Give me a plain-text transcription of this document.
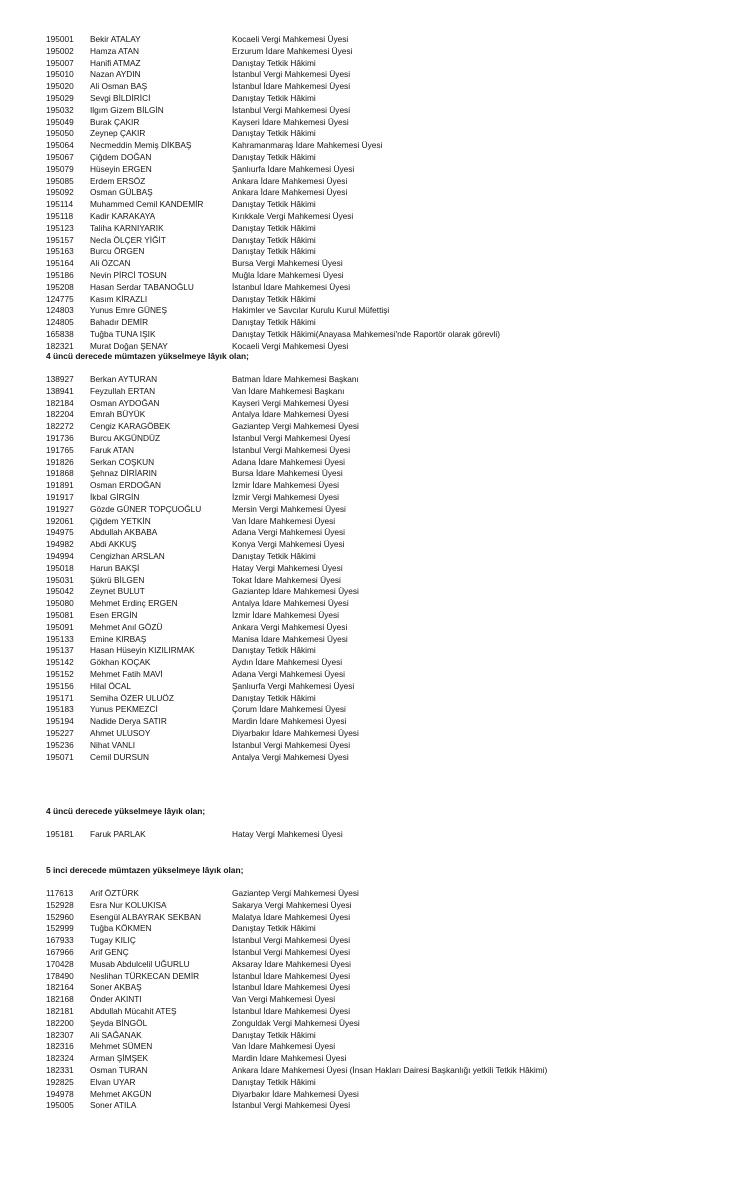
195001 Bekir ATALAY	Kocaeli Vergi Mahkemesi Üyesi
195002 Hamza ATAN	Erzurum İdare Mahkemesi Üyesi
195007 Hanifi ATMAZ	Danıştay Tetkik Hâkimi
195010 Nazan AYDIN	İstanbul Vergi Mahkemesi Üyesi
195020 Ali Osman BAŞ	İstanbul İdare Mahkemesi Üyesi
195029 Sevgi BİLDİRİCİ	Danıştay Tetkik Hâkimi
195032 Ilgım Gizem BİLGİN	İstanbul Vergi Mahkemesi Üyesi
195049 Burak ÇAKIR	Kayseri İdare Mahkemesi Üyesi
195050 Zeynep ÇAKIR	Danıştay Tetkik Hâkimi
195064 Necmeddin Memiş DİKBAŞ	Kahramanmaraş İdare Mahkemesi Üyesi
195067 Çiğdem DOĞAN	Danıştay Tetkik Hâkimi
195079 Hüseyin ERGEN	Şanlıurfa İdare Mahkemesi Üyesi
195085 Erdem ERSÖZ	Ankara İdare Mahkemesi Üyesi
195092 Osman GÜLBAŞ	Ankara İdare Mahkemesi Üyesi
195114 Muhammed Cemil KANDEMİR	Danıştay Tetkik Hâkimi
195118 Kadir KARAKAYA	Kırıkkale Vergi Mahkemesi Üyesi
195123 Taliha KARNIYARIK	Danıştay Tetkik Hâkimi
195157 Necla ÖLÇER YİĞİT	Danıştay Tetkik Hâkimi
195163 Burcu ÖRGEN	Danıştay Tetkik Hâkimi
195164 Ali ÖZCAN	Bursa Vergi Mahkemesi Üyesi
195186 Nevin PİRCİ TOSUN	Muğla İdare Mahkemesi Üyesi
195208 Hasan Serdar TABANOĞLU	İstanbul İdare Mahkemesi Üyesi
124775 Kasım KİRAZLI	Danıştay Tetkik Hâkimi
124803 Yunus Emre GÜNEŞ	Hakimler ve Savcılar Kurulu Kurul Müfettişi
124805 Bahadır DEMİR	Danıştay Tetkik Hâkimi
165838 Tuğba TUNA IŞIK	Danıştay Tetkik Hâkimi(Anayasa Mahkemesi'nde Raportör olarak görevli)
182321 Murat Doğan ŞENAY	Kocaeli Vergi Mahkemesi Üyesi
4 üncü derecede mümtazen yükselmeye lâyık olan;
138927 Berkan AYTURAN	Batman İdare Mahkemesi Başkanı
138941 Feyzullah ERTAN	Van İdare Mahkemesi Başkanı
182184 Osman AYDOĞAN	Kayseri Vergi Mahkemesi Üyesi
182204 Emrah BÜYÜK	Antalya İdare Mahkemesi Üyesi
182272 Cengiz KARAGÖBEK	Gaziantep Vergi Mahkemesi Üyesi
191736 Burcu AKGÜNDÜZ	İstanbul Vergi Mahkemesi Üyesi
191765 Faruk ATAN	İstanbul Vergi Mahkemesi Üyesi
191826 Serkan COŞKUN	Adana İdare Mahkemesi Üyesi
191868 Şehnaz DİRİARIN	Bursa İdare Mahkemesi Üyesi
191891 Osman ERDOĞAN	İzmir İdare Mahkemesi Üyesi
191917 İkbal GİRGİN	İzmir Vergi Mahkemesi Üyesi
191927 Gözde GÜNER TOPÇUOĞLU	Mersin Vergi Mahkemesi Üyesi
192061 Çiğdem YETKİN	Van İdare Mahkemesi Üyesi
194975 Abdullah AKBABA	Adana Vergi Mahkemesi Üyesi
194982 Abdi AKKUŞ	Konya Vergi Mahkemesi Üyesi
194994 Cengizhan ARSLAN	Danıştay Tetkik Hâkimi
195018 Harun BAKŞİ	Hatay Vergi Mahkemesi Üyesi
195031 Şükrü BİLGEN	Tokat İdare Mahkemesi Üyesi
195042 Zeynet BULUT	Gaziantep İdare Mahkemesi Üyesi
195080 Mehmet Erdinç ERGEN	Antalya İdare Mahkemesi Üyesi
195081 Esen ERGİN	İzmir İdare Mahkemesi Üyesi
195091 Mehmet Anıl GÖZÜ	Ankara Vergi Mahkemesi Üyesi
195133 Emine KIRBAŞ	Manisa İdare Mahkemesi Üyesi
195137 Hasan Hüseyin KIZILIRMAK	Danıştay Tetkik Hâkimi
195142 Gökhan KOÇAK	Aydın İdare Mahkemesi Üyesi
195152 Mehmet Fatih MAVİ	Adana Vergi Mahkemesi Üyesi
195156 Hilal ÖCAL	Şanlıurfa Vergi Mahkemesi Üyesi
195171 Semiha ÖZER ULUÖZ	Danıştay Tetkik Hâkimi
195183 Yunus PEKMEZCİ	Çorum İdare Mahkemesi Üyesi
195194 Nadide Derya SATIR	Mardin İdare Mahkemesi Üyesi
195227 Ahmet ULUSOY	Diyarbakır İdare Mahkemesi Üyesi
195236 Nihat VANLI	İstanbul Vergi Mahkemesi Üyesi
195071 Cemil DURSUN	Antalya Vergi Mahkemesi Üyesi
4 üncü derecede yükselmeye lâyık olan;
195181 Faruk PARLAK	Hatay Vergi Mahkemesi Üyesi
5 inci derecede mümtazen yükselmeye lâyık olan;
117613 Arif ÖZTÜRK	Gaziantep Vergi Mahkemesi Üyesi
152928 Esra Nur KOLUKISA	Sakarya Vergi Mahkemesi Üyesi
152960 Esengül ALBAYRAK SEKBAN	Malatya İdare Mahkemesi Üyesi
152999 Tuğba KÖKMEN	Danıştay Tetkik Hâkimi
167933 Tugay KILIÇ	İstanbul Vergi Mahkemesi Üyesi
167966 Arif GENÇ	İstanbul Vergi Mahkemesi Üyesi
170428 Musab Abdulcelil UĞURLU	Aksaray İdare Mahkemesi Üyesi
178490 Neslihan TÜRKECAN DEMİR	İstanbul İdare Mahkemesi Üyesi
182164 Soner AKBAŞ	İstanbul İdare Mahkemesi Üyesi
182168 Önder AKINTI	Van Vergi Mahkemesi Üyesi
182181 Abdullah Mücahit ATEŞ	İstanbul İdare Mahkemesi Üyesi
182200 Şeyda BİNGÖL	Zonguldak Vergi Mahkemesi Üyesi
182307 Ali SAĞANAK	Danıştay Tetkik Hâkimi
182316 Mehmet SÜMEN	Van İdare Mahkemesi Üyesi
182324 Arman ŞİMŞEK	Mardin İdare Mahkemesi Üyesi
182331 Osman TURAN	Ankara İdare Mahkemesi Üyesi (İnsan Hakları Dairesi Başkanlığı yetkili Tetkik Hâkimi)
192825 Elvan UYAR	Danıştay Tetkik Hâkimi
194978 Mehmet AKGÜN	Diyarbakır İdare Mahkemesi Üyesi
195005 Soner ATILA	İstanbul Vergi Mahkemesi Üyesi
